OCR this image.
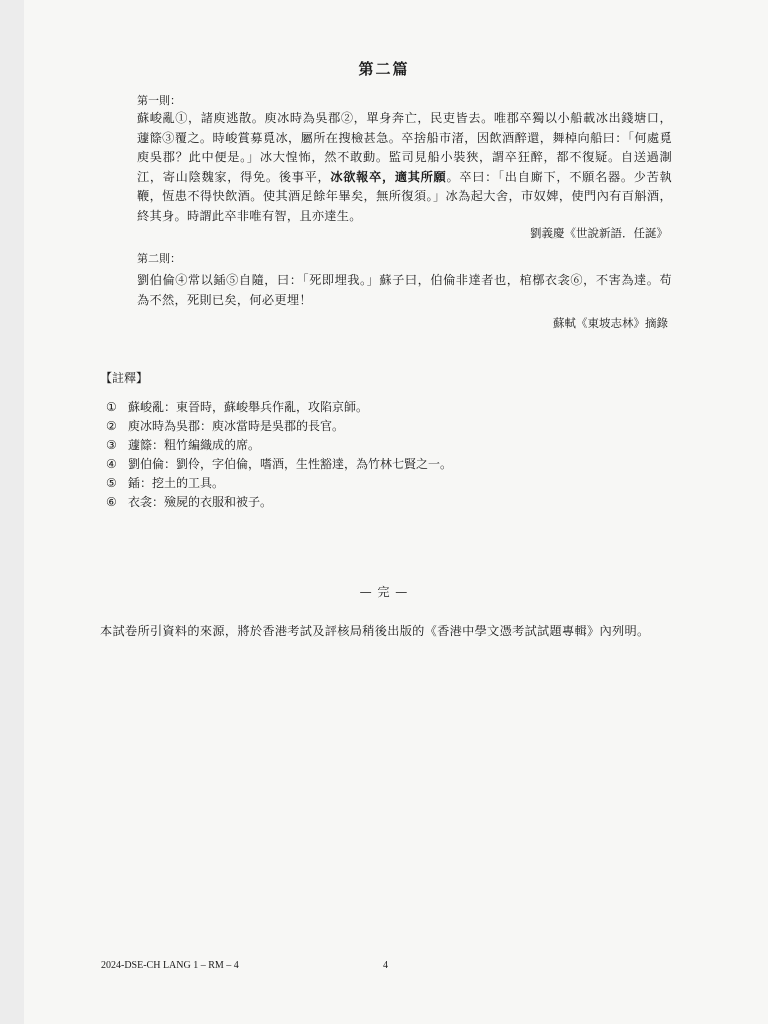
第二篇
第一則：
蘇峻亂①，諸庾逃散。庾冰時為吳郡②，單身奔亡，民吏皆去。唯郡卒獨以小船載冰出錢塘口，蘧篨③覆之。時峻賞募覓冰，屬所在搜檢甚急。卒捨船市渚，因飲酒醉還，舞棹向船曰：「何處覓庾吳郡？此中便是。」冰大惶怖，然不敢動。監司見船小裝狹，謂卒狂醉，都不復疑。自送過淛江，寄山陰魏家，得免。後事平，冰欲報卒，適其所願。卒曰：「出自廝下，不願名器。少苦執鞭，恆患不得快飲酒。使其酒足餘年畢矣，無所復須。」冰為起大舍，市奴婢，使門內有百斛酒，終其身。時謂此卒非唯有智，且亦達生。
劉義慶《世說新語．任誕》
第二則：
劉伯倫④常以鍤⑤自隨，曰：「死即埋我。」蘇子曰，伯倫非達者也，棺槨衣衾⑥，不害為達。苟為不然，死則已矣，何必更埋！
蘇軾《東坡志林》摘錄
【註釋】
① 蘇峻亂：東晉時，蘇峻舉兵作亂，攻陷京師。
② 庾冰時為吳郡：庾冰當時是吳郡的長官。
③ 蘧篨：粗竹編織成的席。
④ 劉伯倫：劉伶，字伯倫，嗜酒，生性豁達，為竹林七賢之一。
⑤ 鍤：挖土的工具。
⑥ 衣衾：殮屍的衣服和被子。
— 完 —
本試卷所引資料的來源，將於香港考試及評核局稍後出版的《香港中學文憑考試試題專輯》內列明。
2024-DSE-CH LANG 1 – RM – 4	4
